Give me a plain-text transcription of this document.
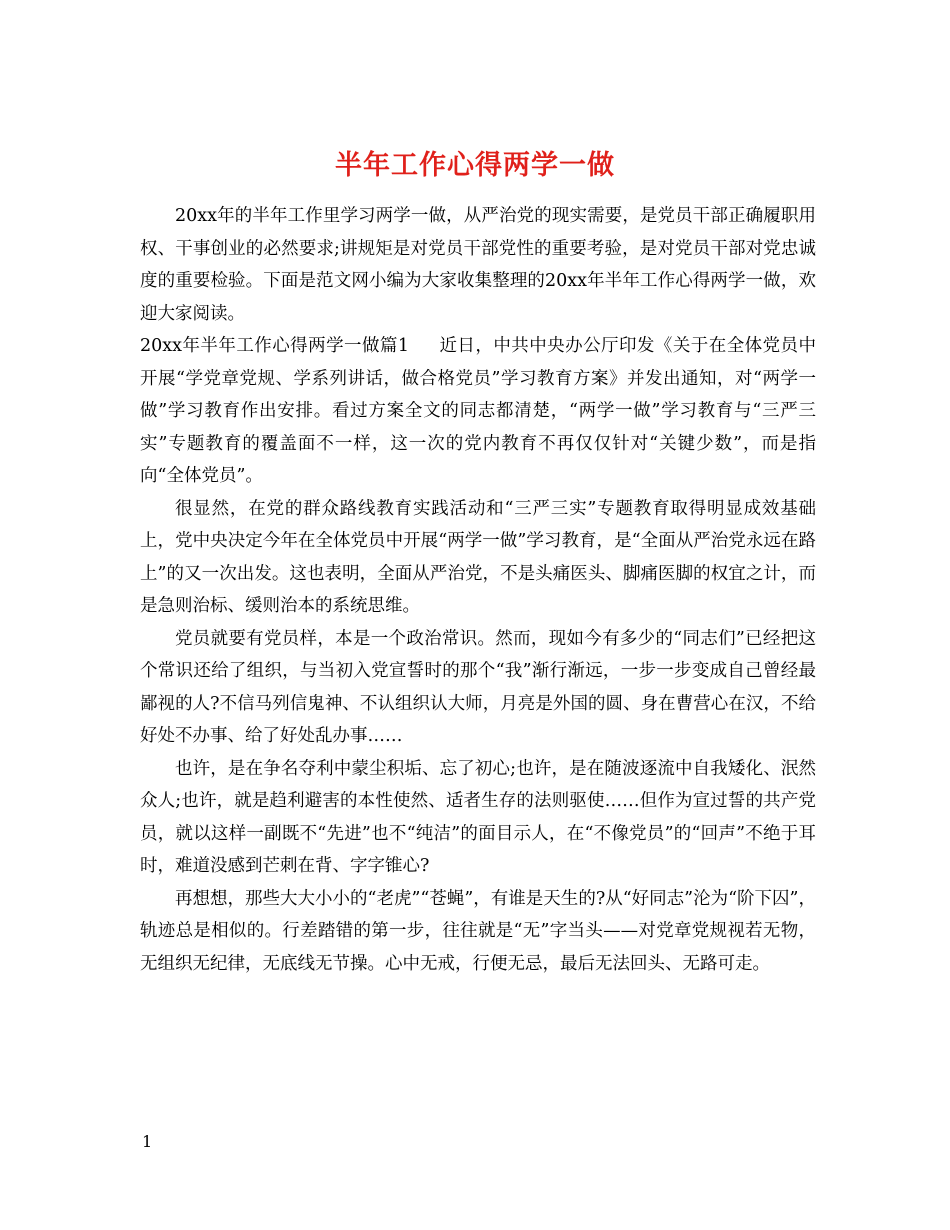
半年工作心得两学一做

20xx年的半年工作里学习两学一做，从严治党的现实需要，是党员干部正确履职用权、干事创业的必然要求;讲规矩是对党员干部党性的重要考验，是对党员干部对党忠诚度的重要检验。下面是范文网小编为大家收集整理的20xx年半年工作心得两学一做，欢迎大家阅读。

20xx年半年工作心得两学一做篇1 近日，中共中央办公厅印发《关于在全体党员中开展“学党章党规、学系列讲话，做合格党员”学习教育方案》并发出通知，对“两学一做”学习教育作出安排。看过方案全文的同志都清楚，“两学一做”学习教育与“三严三实”专题教育的覆盖面不一样，这一次的党内教育不再仅仅针对“关键少数”，而是指向“全体党员”。

很显然，在党的群众路线教育实践活动和“三严三实”专题教育取得明显成效基础上，党中央决定今年在全体党员中开展“两学一做”学习教育，是“全面从严治党永远在路上”的又一次出发。这也表明，全面从严治党，不是头痛医头、脚痛医脚的权宜之计，而是急则治标、缓则治本的系统思维。

党员就要有党员样，本是一个政治常识。然而，现如今有多少的“同志们”已经把这个常识还给了组织，与当初入党宣誓时的那个“我”渐行渐远，一步一步变成自己曾经最鄙视的人?不信马列信鬼神、不认组织认大师，月亮是外国的圆、身在曹营心在汉，不给好处不办事、给了好处乱办事……

也许，是在争名夺利中蒙尘积垢、忘了初心;也许，是在随波逐流中自我矮化、泯然众人;也许，就是趋利避害的本性使然、适者生存的法则驱使……但作为宣过誓的共产党员，就以这样一副既不“先进”也不“纯洁”的面目示人，在“不像党员”的“回声”不绝于耳时，难道没感到芒刺在背、字字锥心?

再想想，那些大大小小的“老虎”“苍蝇”，有谁是天生的?从“好同志”沦为“阶下囚”，轨迹总是相似的。行差踏错的第一步，往往就是“无”字当头——对党章党规视若无物，无组织无纪律，无底线无节操。心中无戒，行便无忌，最后无法回头、无路可走。

1
